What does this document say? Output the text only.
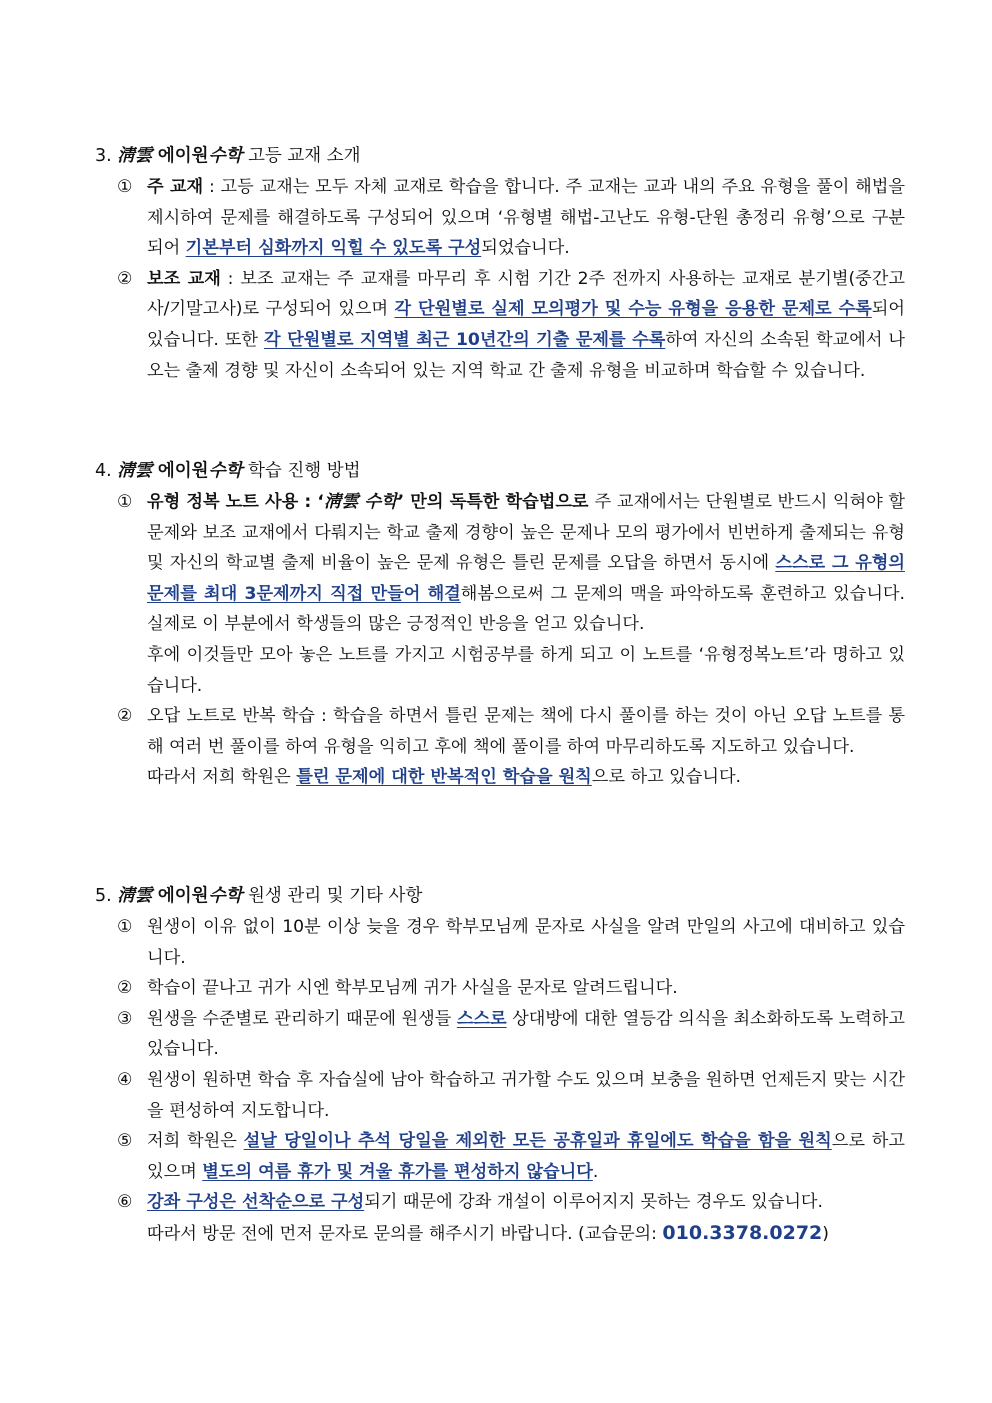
3. 淸雲 에이원수학 고등 교재 소개
① 주 교재 : 고등 교재는 모두 자체 교재로 학습을 합니다. 주 교재는 교과 내의 주요 유형을 풀이 해법을 제시하여 문제를 해결하도록 구성되어 있으며 ‘유형별 해법-고난도 유형-단원 총정리 유형’으로 구분되어 기본부터 심화까지 익힐 수 있도록 구성되었습니다.
② 보조 교재 : 보조 교재는 주 교재를 마무리 후 시험 기간 2주 전까지 사용하는 교재로 분기별(중간고사/기말고사)로 구성되어 있으며 각 단원별로 실제 모의평가 및 수능 유형을 응용한 문제로 수록되어 있습니다. 또한 각 단원별로 지역별 최근 10년간의 기출 문제를 수록하여 자신의 소속된 학교에서 나오는 출제 경향 및 자신이 소속되어 있는 지역 학교 간 출제 유형을 비교하며 학습할 수 있습니다.
4. 淸雲 에이원수학 학습 진행 방법
① 유형 정복 노트 사용 : ‘淸雲 수학’ 만의 독특한 학습법으로 주 교재에서는 단원별로 반드시 익혀야 할 문제와 보조 교재에서 다뤄지는 학교 출제 경향이 높은 문제나 모의 평가에서 빈번하게 출제되는 유형 및 자신의 학교별 출제 비율이 높은 문제 유형은 틀린 문제를 오답을 하면서 동시에 스스로 그 유형의 문제를 최대 3문제까지 직접 만들어 해결해봄으로써 그 문제의 맥을 파악하도록 훈련하고 있습니다. 실제로 이 부분에서 학생들의 많은 긍정적인 반응을 얻고 있습니다.
후에 이것들만 모아 놓은 노트를 가지고 시험공부를 하게 되고 이 노트를 ‘유형정복노트’라 명하고 있습니다.
② 오답 노트로 반복 학습 : 학습을 하면서 틀린 문제는 책에 다시 풀이를 하는 것이 아닌 오답 노트를 통해 여러 번 풀이를 하여 유형을 익히고 후에 책에 풀이를 하여 마무리하도록 지도하고 있습니다.
따라서 저희 학원은 틀린 문제에 대한 반복적인 학습을 원칙으로 하고 있습니다.
5. 淸雲 에이원수학 원생 관리 및 기타 사항
① 원생이 이유 없이 10분 이상 늦을 경우 학부모님께 문자로 사실을 알려 만일의 사고에 대비하고 있습니다.
② 학습이 끝나고 귀가 시엔 학부모님께 귀가 사실을 문자로 알려드립니다.
③ 원생을 수준별로 관리하기 때문에 원생들 스스로 상대방에 대한 열등감 의식을 최소화하도록 노력하고 있습니다.
④ 원생이 원하면 학습 후 자습실에 남아 학습하고 귀가할 수도 있으며 보충을 원하면 언제든지 맞는 시간을 편성하여 지도합니다.
⑤ 저희 학원은 설날 당일이나 추석 당일을 제외한 모든 공휴일과 휴일에도 학습을 함을 원칙으로 하고 있으며 별도의 여름 휴가 및 겨울 휴가를 편성하지 않습니다.
⑥ 강좌 구성은 선착순으로 구성되기 때문에 강좌 개설이 이루어지지 못하는 경우도 있습니다.
따라서 방문 전에 먼저 문자로 문의를 해주시기 바랍니다. (교습문의: 010.3378.0272)
